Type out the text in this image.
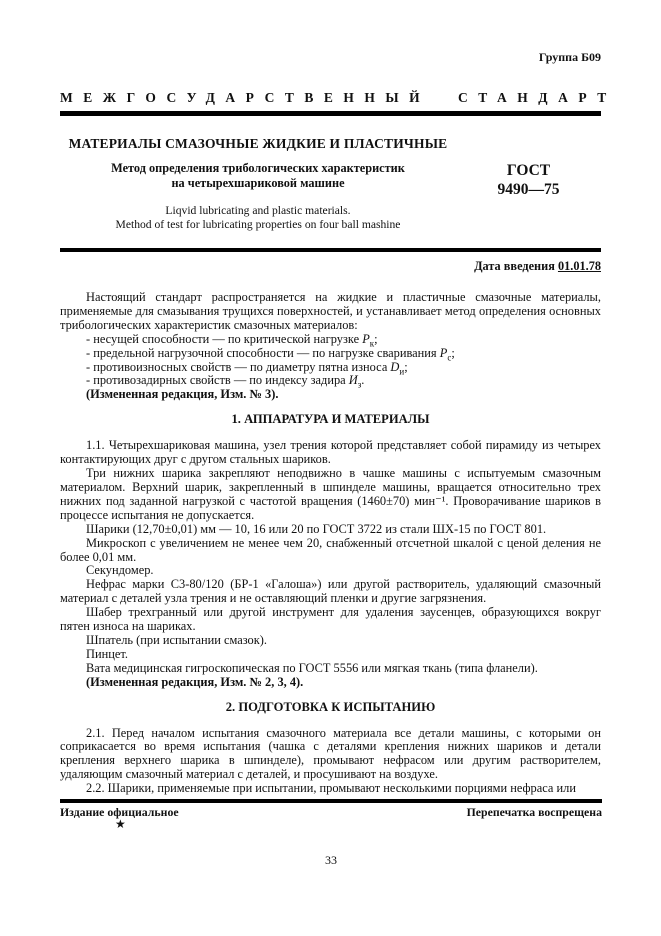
Группа Б09
МЕЖГОСУДАРСТВЕННЫЙ СТАНДАРТ
МАТЕРИАЛЫ СМАЗОЧНЫЕ ЖИДКИЕ И ПЛАСТИЧНЫЕ
Метод определения трибологических характеристик
на четырехшариковой машине
Liqvid lubricating and plastic materials.
Method of test for lubricating properties on four ball mashine
ГОСТ
9490—75
Дата введения 01.01.78

Настоящий стандарт распространяется на жидкие и пластичные смазочные материалы, применяемые для смазывания трущихся поверхностей, и устанавливает метод определения основных трибологических характеристик смазочных материалов:

- несущей способности — по критической нагрузке $P_к$;
- предельной нагрузочной способности — по нагрузке сваривания $P_с$;
- противоизносных свойств — по диаметру пятна износа $D_и$;
- противозадирных свойств — по индексу задира $И_з$.

(Измененная редакция, Изм. № 3).

1. АППАРАТУРА И МАТЕРИАЛЫ

1.1. Четырехшариковая машина, узел трения которой представляет собой пирамиду из четырех контактирующих друг с другом стальных шариков.

Три нижних шарика закрепляют неподвижно в чашке машины с испытуемым смазочным материалом. Верхний шарик, закрепленный в шпинделе машины, вращается относительно трех нижних под заданной нагрузкой с частотой вращения (1460±70) мин⁻¹. Проворачивание шариков в процессе испытания не допускается.

Шарики (12,70±0,01) мм — 10, 16 или 20 по ГОСТ 3722 из стали ШХ-15 по ГОСТ 801.

Микроскоп с увеличением не менее чем 20, снабженный отсчетной шкалой с ценой деления не более 0,01 мм.

Секундомер.

Нефрас марки С3-80/120 (БР-1 «Галоша») или другой растворитель, удаляющий смазочный материал с деталей узла трения и не оставляющий пленки и другие загрязнения.

Шабер трехгранный или другой инструмент для удаления заусенцев, образующихся вокруг пятен износа на шариках.

Шпатель (при испытании смазок).

Пинцет.

Вата медицинская гигроскопическая по ГОСТ 5556 или мягкая ткань (типа фланели).

(Измененная редакция, Изм. № 2, 3, 4).

2. ПОДГОТОВКА К ИСПЫТАНИЮ

2.1. Перед началом испытания смазочного материала все детали машины, с которыми он соприкасается во время испытания (чашка с деталями крепления нижних шариков и детали крепления верхнего шарика в шпинделе), промывают нефрасом или другим растворителем, удаляющим смазочный материал с деталей, и просушивают на воздухе.

2.2. Шарики, применяемые при испытании, промывают несколькими порциями нефраса или

Издание официальное	Перепечатка воспрещена
★
33
